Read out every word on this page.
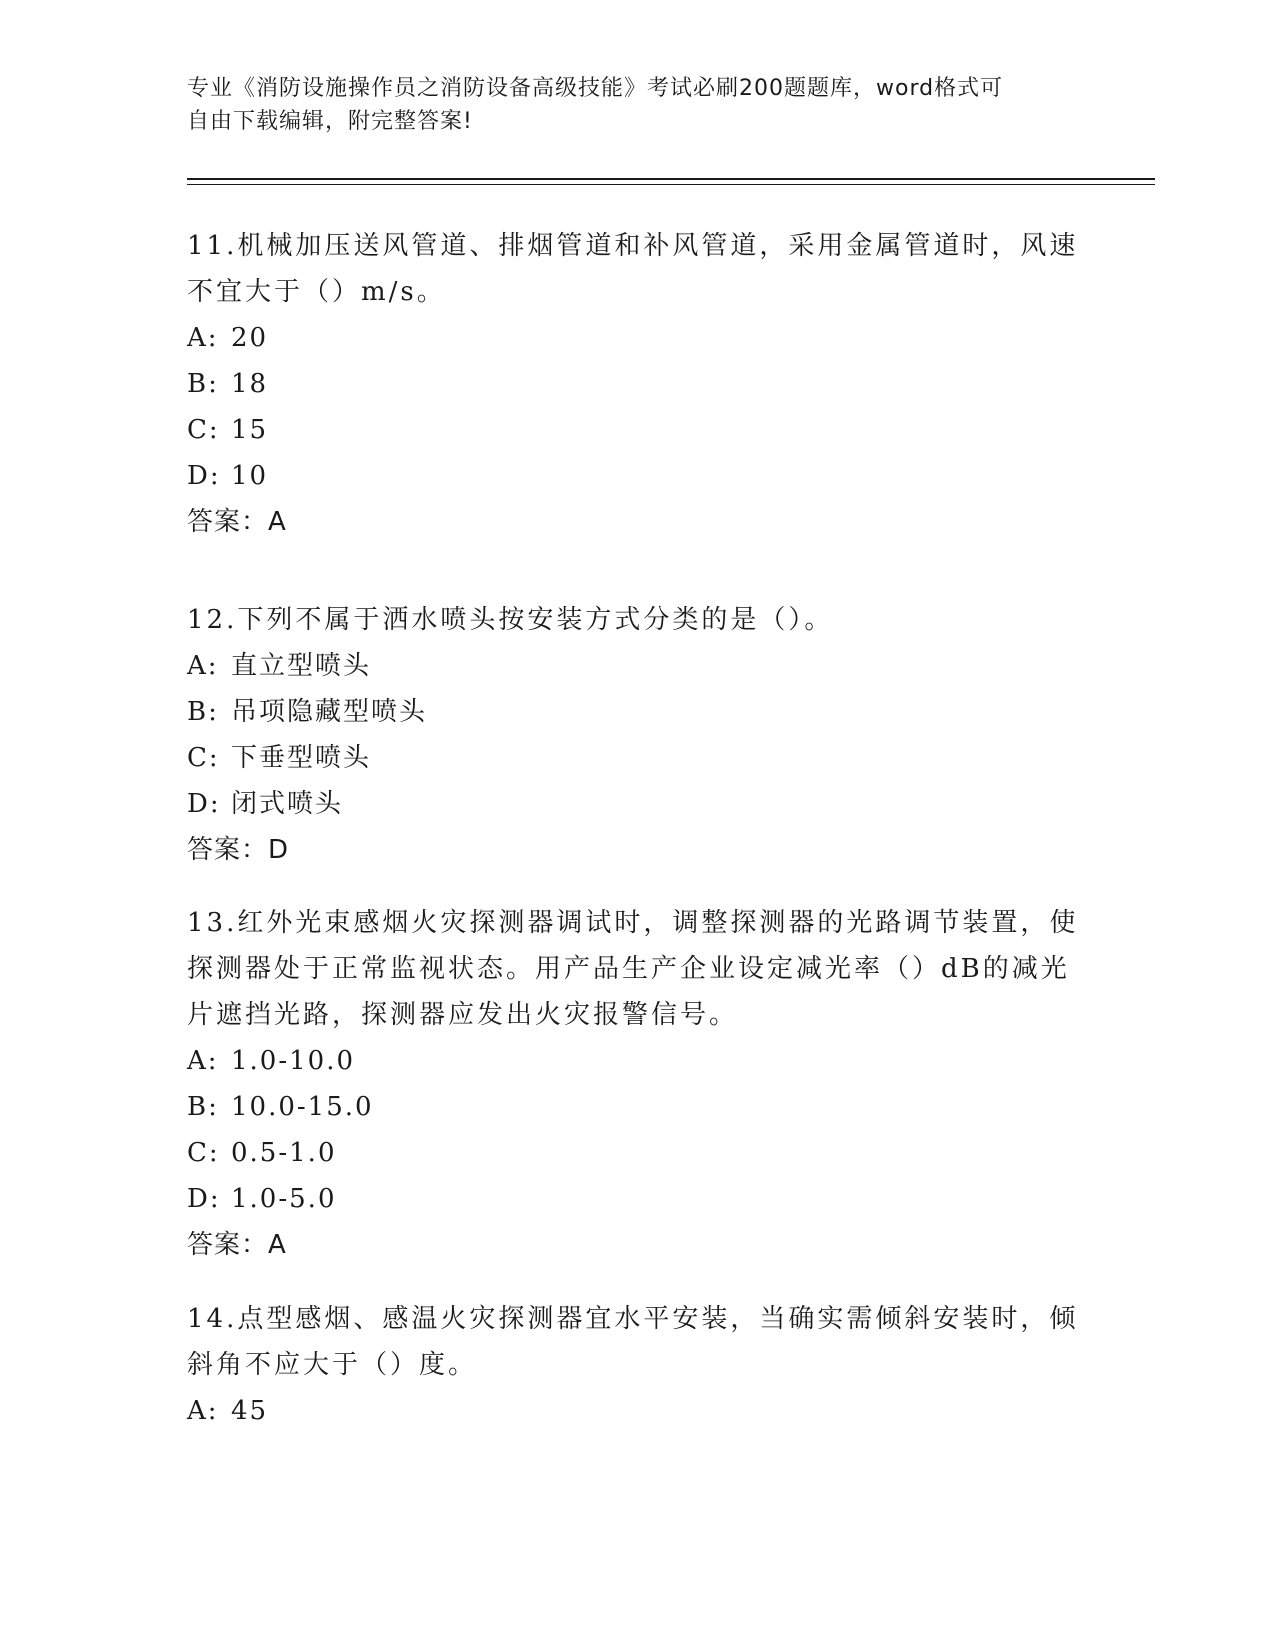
专业《消防设施操作员之消防设备高级技能》考试必刷200题题库，word格式可
自由下载编辑，附完整答案!
11.机械加压送风管道、排烟管道和补风管道，采用金属管道时，风速
不宜大于（）m/s。
A: 20
B: 18
C: 15
D: 10
答案：A
12.下列不属于洒水喷头按安装方式分类的是（）。
A: 直立型喷头
B: 吊项隐藏型喷头
C: 下垂型喷头
D: 闭式喷头
答案：D
13.红外光束感烟火灾探测器调试时，调整探测器的光路调节装置，使
探测器处于正常监视状态。用产品生产企业设定减光率（）dB的减光
片遮挡光路，探测器应发出火灾报警信号。
A: 1.0-10.0
B: 10.0-15.0
C: 0.5-1.0
D: 1.0-5.0
答案：A
14.点型感烟、感温火灾探测器宜水平安装，当确实需倾斜安装时，倾
斜角不应大于（）度。
A: 45
